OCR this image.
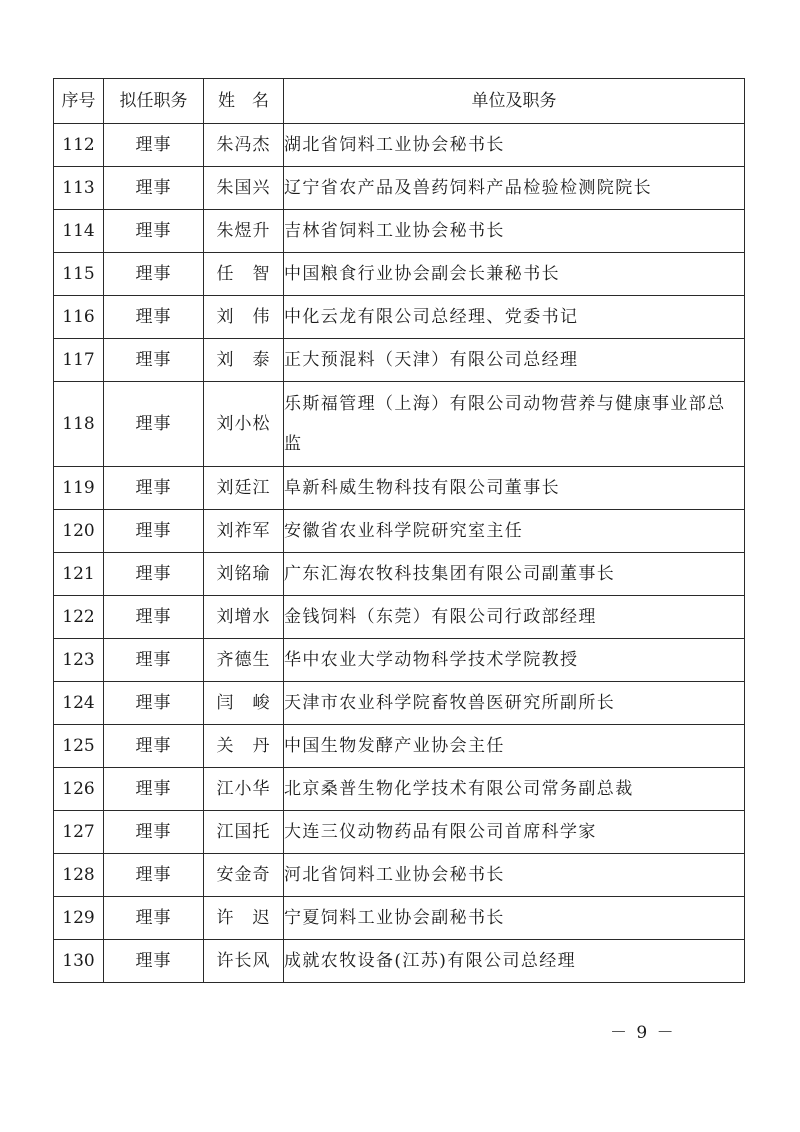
序号	拟任职务	姓　名	单位及职务
112	理事	朱冯杰	湖北省饲料工业协会秘书长
113	理事	朱国兴	辽宁省农产品及兽药饲料产品检验检测院院长
114	理事	朱煜升	吉林省饲料工业协会秘书长
115	理事	任　智	中国粮食行业协会副会长兼秘书长
116	理事	刘　伟	中化云龙有限公司总经理、党委书记
117	理事	刘　泰	正大预混料（天津）有限公司总经理
118	理事	刘小松	乐斯福管理（上海）有限公司动物营养与健康事业部总监
119	理事	刘廷江	阜新科威生物科技有限公司董事长
120	理事	刘祚军	安徽省农业科学院研究室主任
121	理事	刘铭瑜	广东汇海农牧科技集团有限公司副董事长
122	理事	刘增水	金钱饲料（东莞）有限公司行政部经理
123	理事	齐德生	华中农业大学动物科学技术学院教授
124	理事	闫　峻	天津市农业科学院畜牧兽医研究所副所长
125	理事	关　丹	中国生物发酵产业协会主任
126	理事	江小华	北京桑普生物化学技术有限公司常务副总裁
127	理事	江国托	大连三仪动物药品有限公司首席科学家
128	理事	安金奇	河北省饲料工业协会秘书长
129	理事	许　迟	宁夏饲料工业协会副秘书长
130	理事	许长风	成就农牧设备(江苏)有限公司总经理
－ 9 －
